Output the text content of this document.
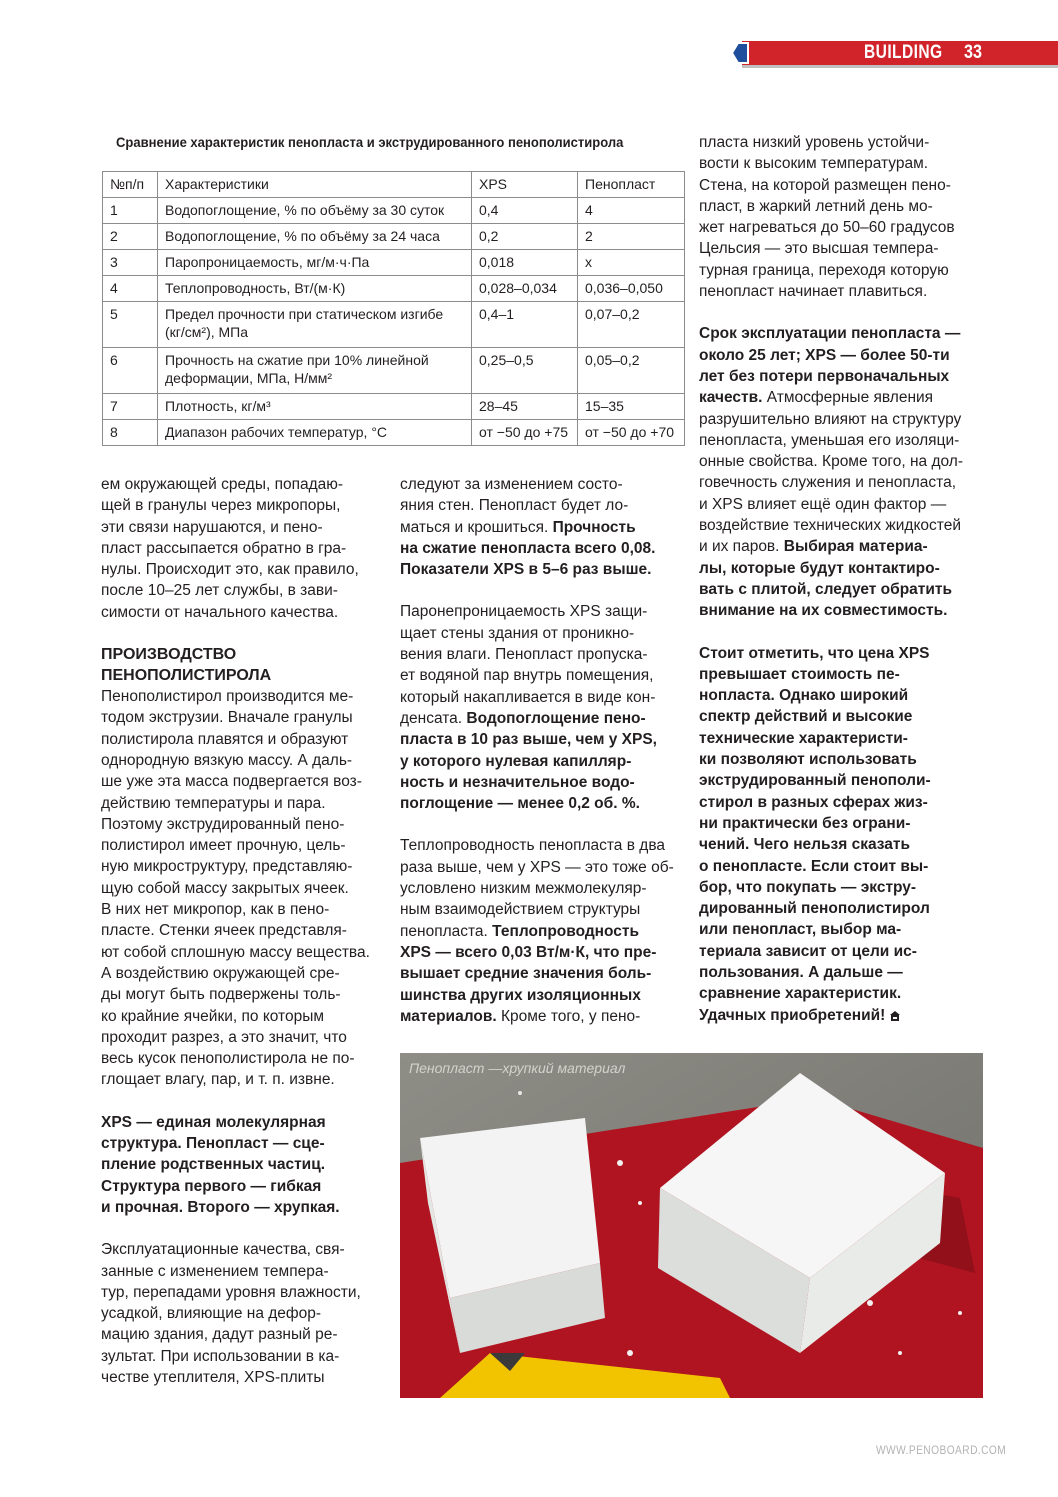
BUILDING 33
Сравнение характеристик пенопласта и экструдированного пенополистирола
№п/п	Характеристики	XPS	Пенопласт
1	Водопоглощение, % по объёму за 30 суток	0,4	4
2	Водопоглощение, % по объёму за 24 часа	0,2	2
3	Паропроницаемость, мг/м·ч·Па	0,018	x
4	Теплопроводность, Вт/(м·К)	0,028–0,034	0,036–0,050
5	Предел прочности при статическом изгибе (кг/см²), МПа	0,4–1	0,07–0,2
6	Прочность на сжатие при 10% линейной деформации, МПа, Н/мм²	0,25–0,5	0,05–0,2
7	Плотность, кг/м³	28–45	15–35
8	Диапазон рабочих температур, °С	от −50 до +75	от −50 до +70

ем окружающей среды, попадаю-
щей в гранулы через микропоры,
эти связи нарушаются, и пено-
пласт рассыпается обратно в гра-
нулы. Происходит это, как правило,
после 10–25 лет службы, в зави-
симости от начального качества.

ПРОИЗВОДСТВО
ПЕНОПОЛИСТИРОЛА

Пенополистирол производится ме-
тодом экструзии. Вначале гранулы
полистирола плавятся и образуют
однородную вязкую массу. А даль-
ше уже эта масса подвергается воз-
действию температуры и пара.
Поэтому экструдированный пено-
полистирол имеет прочную, цель-
ную микроструктуру, представляю-
щую собой массу закрытых ячеек.
В них нет микропор, как в пено-
пласте. Стенки ячеек представля-
ют собой сплошную массу вещества.
А воздействию окружающей сре-
ды могут быть подвержены толь-
ко крайние ячейки, по которым
проходит разрез, а это значит, что
весь кусок пенополистирола не по-
глощает влагу, пар, и т. п. извне.

XPS — единая молекулярная
структура. Пенопласт — сце-
пление родственных частиц.
Структура первого — гибкая
и прочная. Второго — хрупкая.

Эксплуатационные качества, свя-
занные с изменением темпера-
тур, перепадами уровня влажности,
усадкой, влияющие на дефор-
мацию здания, дадут разный ре-
зультат. При использовании в ка-
честве утеплителя, XPS-плиты

следуют за изменением состо-
яния стен. Пенопласт будет ло-
маться и крошиться. Прочность
на сжатие пенопласта всего 0,08.
Показатели XPS в 5–6 раз выше.

Паронепроницаемость XPS защи-
щает стены здания от проникно-
вения влаги. Пенопласт пропуска-
ет водяной пар внутрь помещения,
который накапливается в виде кон-
денсата. Водопоглощение пено-
пласта в 10 раз выше, чем у XPS,
у которого нулевая капилляр-
ность и незначительное водо-
поглощение — менее 0,2 об. %.

Теплопроводность пенопласта в два
раза выше, чем у XPS — это тоже об-
условлено низким межмолекуляр-
ным взаимодействием структуры
пенопласта. Теплопроводность
XPS — всего 0,03 Вт/м·К, что пре-
вышает средние значения боль-
шинства других изоляционных
материалов. Кроме того, у пено-

пласта низкий уровень устойчи-
вости к высоким температурам.
Стена, на которой размещен пено-
пласт, в жаркий летний день мо-
жет нагреваться до 50–60 градусов
Цельсия — это высшая темпера-
турная граница, переходя которую
пенопласт начинает плавиться.

Срок эксплуатации пенопласта —
около 25 лет; XPS — более 50-ти
лет без потери первоначальных
качеств. Атмосферные явления
разрушительно влияют на структуру
пенопласта, уменьшая его изоляци-
онные свойства. Кроме того, на дол-
говечность служения и пенопласта,
и XPS влияет ещё один фактор —
воздействие технических жидкостей
и их паров. Выбирая материа-
лы, которые будут контактиро-
вать с плитой, следует обратить
внимание на их совместимость.

Стоит отметить, что цена XPS
превышает стоимость пе-
нопласта. Однако широкий
спектр действий и высокие
технические характеристи-
ки позволяют использовать
экструдированный пенополи-
стирол в разных сферах жиз-
ни практически без ограни-
чений. Чего нельзя сказать
о пенопласте. Если стоит вы-
бор, что покупать — экстру-
дированный пенополистирол
или пенопласт, выбор ма-
териала зависит от цели ис-
пользования. А дальше —
сравнение характеристик.
Удачных приобретений!

Пенопласт —хрупкий материал
WWW.PENOBOARD.COM
